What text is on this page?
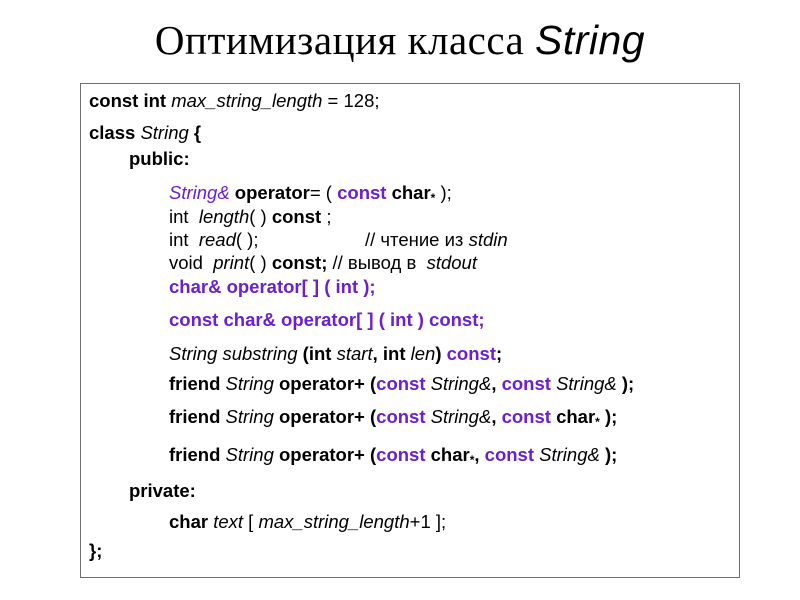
Оптимизация класса String
const int max_string_length = 128;
class String {
public:
String& operator= ( const char$_*$ );
int length( ) const ;
int read( );	// чтение из stdin
void print( ) const; // вывод в  stdout
char& operator[ ] ( int );
const char& operator[ ] ( int ) const;
String substring (int start, int len) const;
friend String operator+ (const String&, const String& );
friend String operator+ (const String&, const char$_*$ );
friend String operator+ (const char$_*$, const String& );
private:
char text [ max_string_length+1 ];
};
